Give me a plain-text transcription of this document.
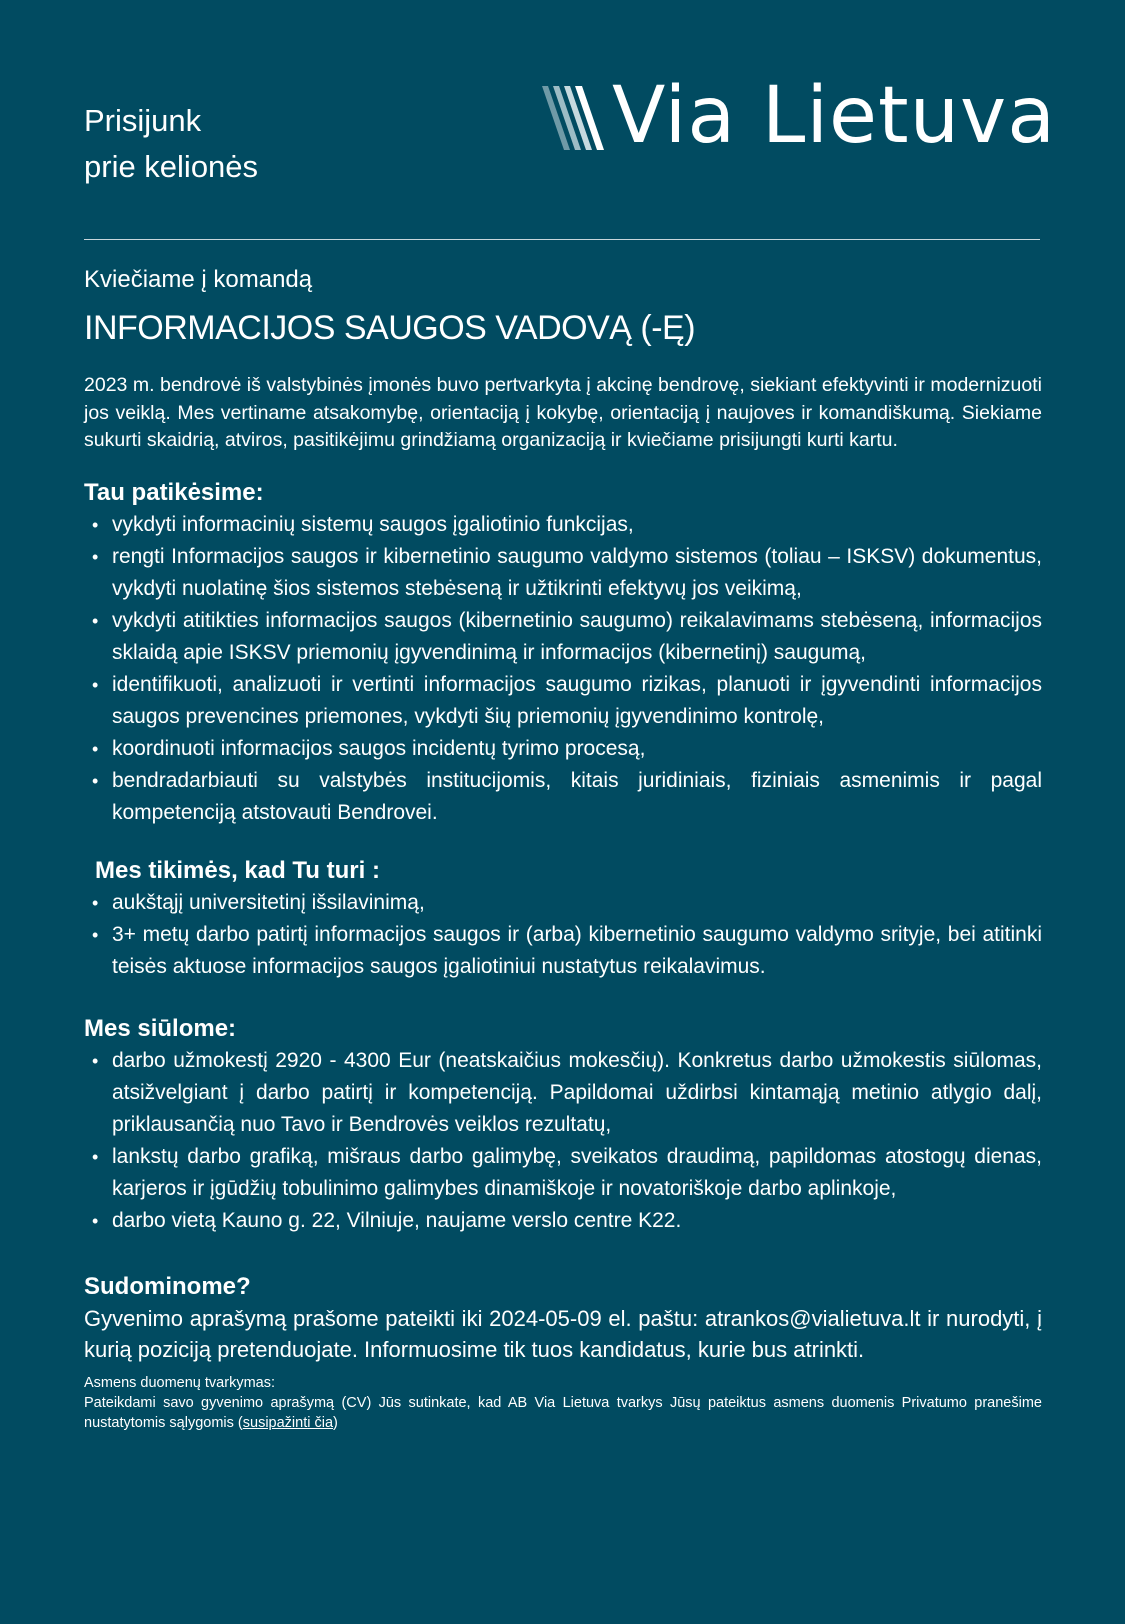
Prisijunk
prie kelionės
Via Lietuva

Kviečiame į komandą

INFORMACIJOS SAUGOS VADOVĄ (-Ę)

2023 m. bendrovė iš valstybinės įmonės buvo pertvarkyta į akcinę bendrovę, siekiant efektyvinti ir modernizuoti jos veiklą. Mes vertiname atsakomybę, orientaciją į kokybę, orientaciją į naujoves ir komandiškumą. Siekiame sukurti skaidrią, atviros, pasitikėjimu grindžiamą organizaciją ir kviečiame prisijungti kurti kartu.

Tau patikėsime:
• vykdyti informacinių sistemų saugos įgaliotinio funkcijas,
• rengti Informacijos saugos ir kibernetinio saugumo valdymo sistemos (toliau – ISKSV) dokumentus, vykdyti nuolatinę šios sistemos stebėseną ir užtikrinti efektyvų jos veikimą,
• vykdyti atitikties informacijos saugos (kibernetinio saugumo) reikalavimams stebėseną, informacijos sklaidą apie ISKSV priemonių įgyvendinimą ir informacijos (kibernetinį) saugumą,
• identifikuoti, analizuoti ir vertinti informacijos saugumo rizikas, planuoti ir įgyvendinti informacijos saugos prevencines priemones, vykdyti šių priemonių įgyvendinimo kontrolę,
• koordinuoti informacijos saugos incidentų tyrimo procesą,
• bendradarbiauti su valstybės institucijomis, kitais juridiniais, fiziniais asmenimis ir pagal kompetenciją atstovauti Bendrovei.
Mes tikimės, kad Tu turi :
• aukštąjį universitetinį išsilavinimą,
• 3+ metų darbo patirtį informacijos saugos ir (arba) kibernetinio saugumo valdymo srityje, bei atitinki teisės aktuose informacijos saugos įgaliotiniui nustatytus reikalavimus.
Mes siūlome:
• darbo užmokestį 2920 - 4300 Eur (neatskaičius mokesčių). Konkretus darbo užmokestis siūlomas, atsižvelgiant į darbo patirtį ir kompetenciją. Papildomai uždirbsi kintamąją metinio atlygio dalį, priklausančią nuo Tavo ir Bendrovės veiklos rezultatų,
• lankstų darbo grafiką, mišraus darbo galimybę, sveikatos draudimą, papildomas atostogų dienas, karjeros ir įgūdžių tobulinimo galimybes dinamiškoje ir novatoriškoje darbo aplinkoje,
• darbo vietą Kauno g. 22, Vilniuje, naujame verslo centre K22.
Sudominome?

Gyvenimo aprašymą prašome pateikti iki 2024-05-09 el. paštu: atrankos@vialietuva.lt ir nurodyti, į kurią poziciją pretenduojate. Informuosime tik tuos kandidatus, kurie bus atrinkti.

Asmens duomenų tvarkymas:

Pateikdami savo gyvenimo aprašymą (CV) Jūs sutinkate, kad AB Via Lietuva tvarkys Jūsų pateiktus asmens duomenis Privatumo pranešime nustatytomis sąlygomis (susipažinti čia)
